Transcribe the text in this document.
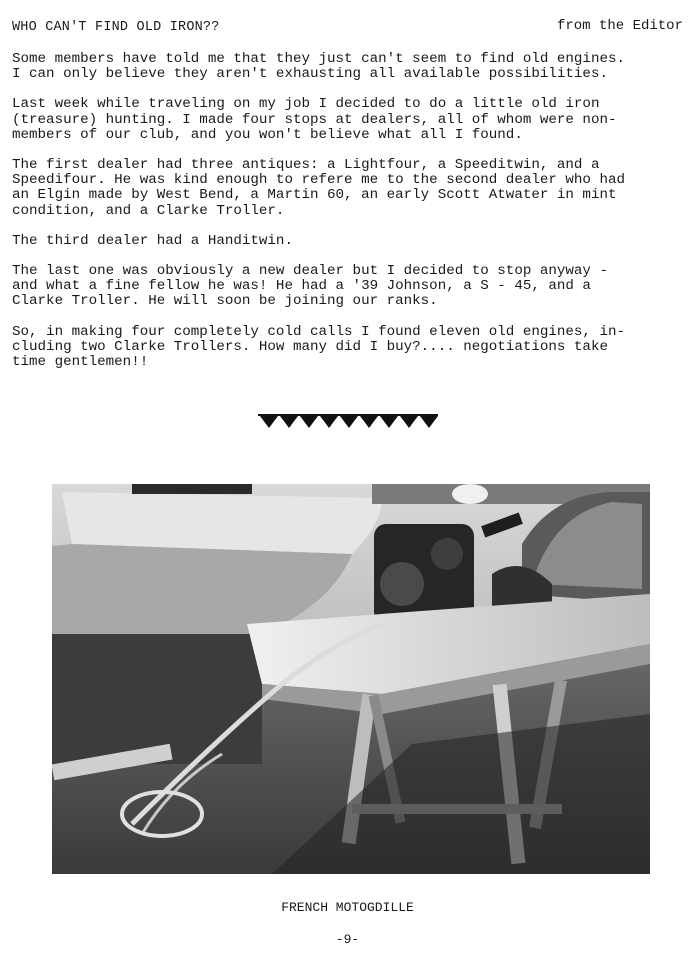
WHO CAN'T FIND OLD IRON??	from the Editor

Some members have told me that they just can't seem to find old engines.
I can only believe they aren't exhausting all available possibilities.

Last week while traveling on my job I decided to do a little old iron
(treasure) hunting. I made four stops at dealers, all of whom were non-
members of our club, and you won't believe what all I found.

The first dealer had three antiques: a Lightfour, a Speeditwin, and a
Speedifour. He was kind enough to refere me to the second dealer who had
an Elgin made by West Bend, a Martin 60, an early Scott Atwater in mint
condition, and a Clarke Troller.

The third dealer had a Handitwin.

The last one was obviously a new dealer but I decided to stop anyway -
and what a fine fellow he was! He had a '39 Johnson, a S - 45, and a
Clarke Troller. He will soon be joining our ranks.

So, in making four completely cold calls I found eleven old engines, in-
cluding two Clarke Trollers. How many did I buy?.... negotiations take
time gentlemen!!

FRENCH MOTOGDILLE
-9-
